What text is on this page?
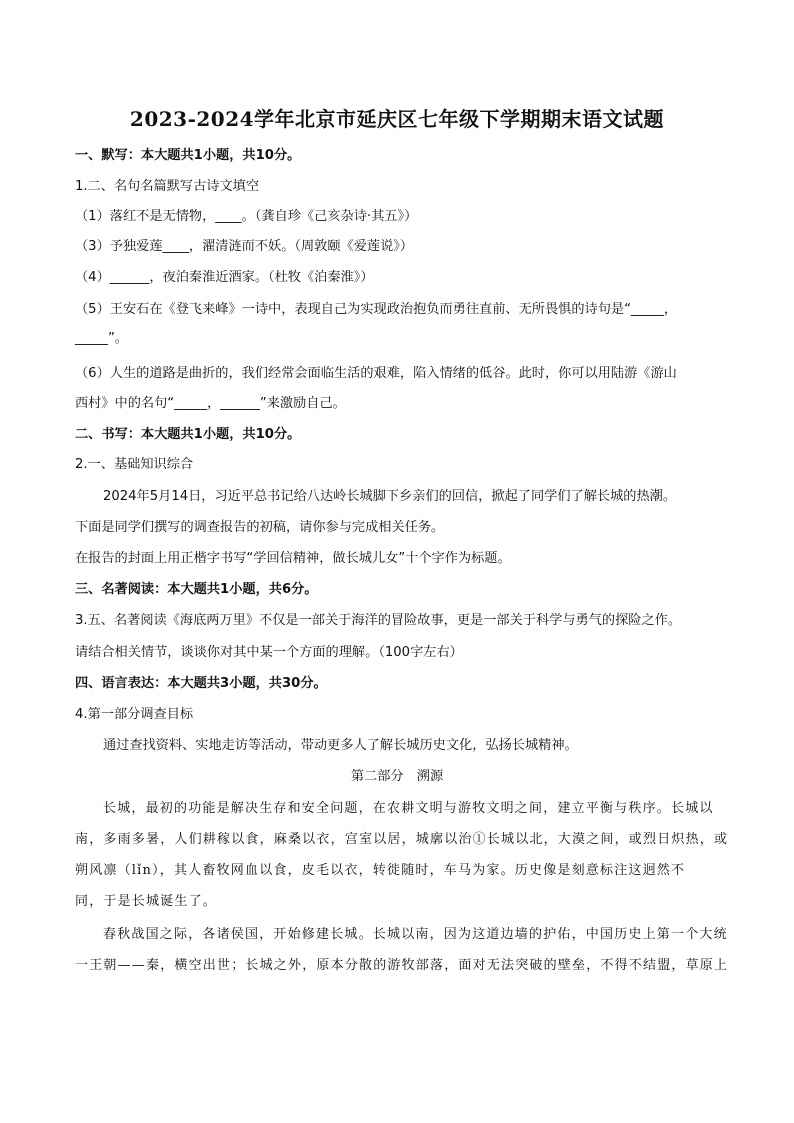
2023-2024学年北京市延庆区七年级下学期期末语文试题
一、默写：本大题共1小题，共10分。
1.二、名句名篇默写古诗文填空
（1）落红不是无情物，____。（龚自珍《己亥杂诗·其五》）
（3）予独爱莲____，濯清涟而不妖。（周敦颐《爱莲说》）
（4）______，夜泊秦淮近酒家。（杜牧《泊秦淮》）
（5）王安石在《登飞来峰》一诗中，表现自己为实现政治抱负而勇往直前、无所畏惧的诗句是“_____，
_____”。
（6）人生的道路是曲折的，我们经常会面临生活的艰难，陷入情绪的低谷。此时，你可以用陆游《游山
西村》中的名句“_____，______”来激励自己。
二、书写：本大题共1小题，共10分。
2.一、基础知识综合
2024年5月14日，习近平总书记给八达岭长城脚下乡亲们的回信，掀起了同学们了解长城的热潮。
下面是同学们撰写的调查报告的初稿，请你参与完成相关任务。
在报告的封面上用正楷字书写“学回信精神，做长城儿女”十个字作为标题。
三、名著阅读：本大题共1小题，共6分。
3.五、名著阅读《海底两万里》不仅是一部关于海洋的冒险故事，更是一部关于科学与勇气的探险之作。
请结合相关情节，谈谈你对其中某一个方面的理解。（100字左右）
四、语言表达：本大题共3小题，共30分。
4.第一部分调查目标
通过查找资料、实地走访等活动，带动更多人了解长城历史文化，弘扬长城精神。
第二部分　溯源
长城，最初的功能是解决生存和安全问题，在农耕文明与游牧文明之间，建立平衡与秩序。长城以
南，多雨多暑，人们耕稼以食，麻桑以衣，宫室以居，城廓以治①长城以北，大漠之间，或烈日炽热，或
朔风凛（lǐn），其人畜牧网血以食，皮毛以衣，转徙随时，车马为家。历史像是刻意标注这迥然不
同，于是长城诞生了。
春秋战国之际，各诸侯国，开始修建长城。长城以南，因为这道边墙的护佑，中国历史上第一个大统
一王朝——秦，横空出世；长城之外，原本分散的游牧部落，面对无法突破的壁垒，不得不结盟，草原上
